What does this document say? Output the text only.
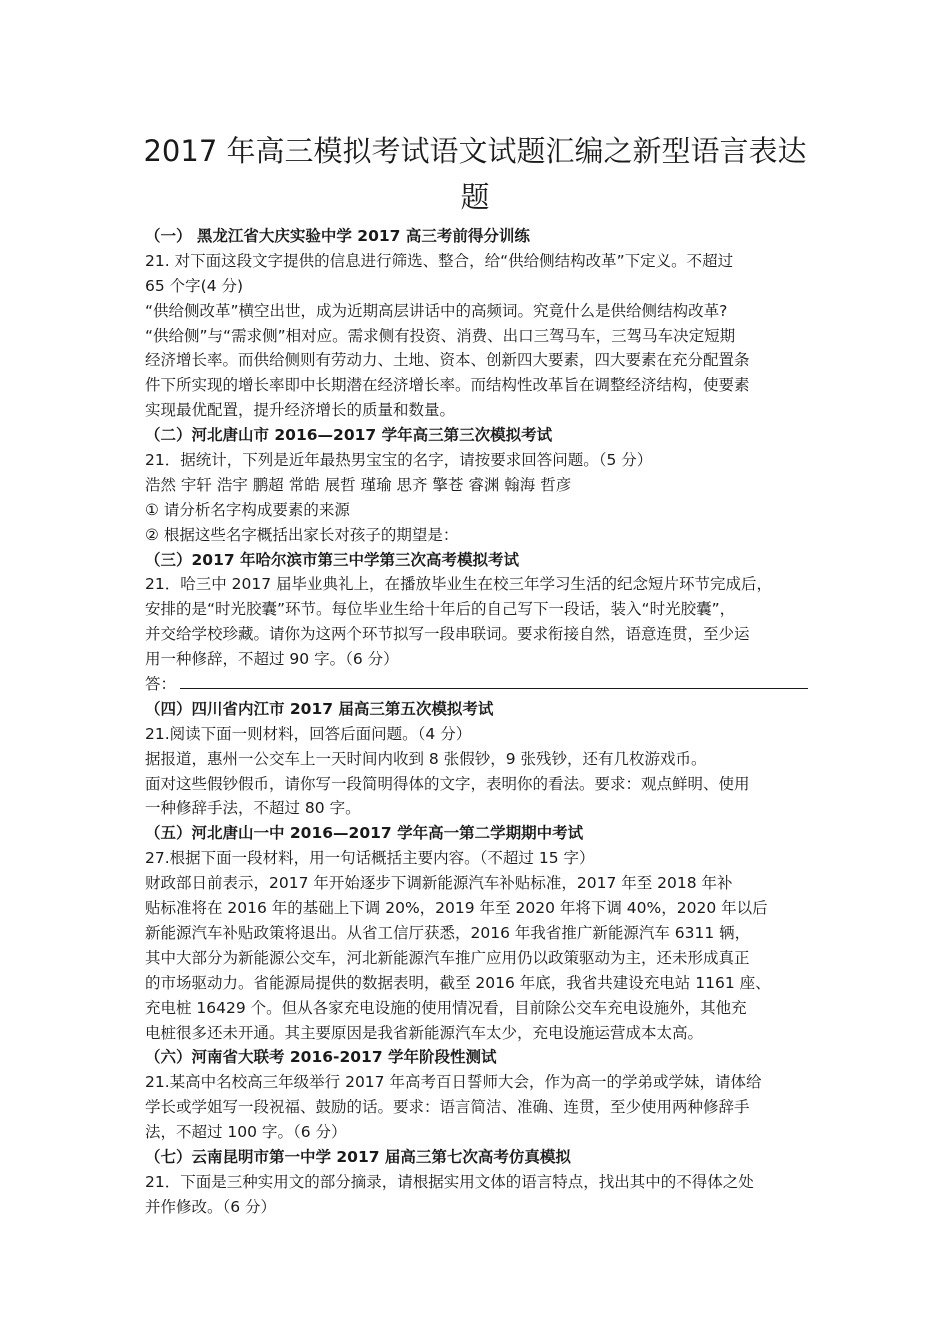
2017 年高三模拟考试语文试题汇编之新型语言表达
题
（一） 黑龙江省大庆实验中学 2017 高三考前得分训练
21. 对下面这段文字提供的信息进行筛选、整合，给“供给侧结构改革”下定义。不超过
65 个字(4 分)
“供给侧改革”横空出世，成为近期高层讲话中的高频词。究竟什么是供给侧结构改革?
“供给侧”与“需求侧”相对应。需求侧有投资、消费、出口三驾马车，三驾马车决定短期
经济增长率。而供给侧则有劳动力、土地、资本、创新四大要素，四大要素在充分配置条
件下所实现的增长率即中长期潜在经济增长率。而结构性改革旨在调整经济结构，使要素
实现最优配置，提升经济增长的质量和数量。
（二）河北唐山市 2016—2017 学年高三第三次模拟考试
21．据统计，下列是近年最热男宝宝的名字，请按要求回答问题。（5 分）
浩然 宇轩 浩宇 鹏超 常皓 展哲 瑾瑜 思齐 擎苍 睿渊 翰海 哲彦
① 请分析名字构成要素的来源
② 根据这些名字概括出家长对孩子的期望是：
（三）2017 年哈尔滨市第三中学第三次高考模拟考试
21．哈三中 2017 届毕业典礼上，在播放毕业生在校三年学习生活的纪念短片环节完成后，
安排的是“时光胶囊”环节。每位毕业生给十年后的自己写下一段话，装入“时光胶囊”，
并交给学校珍藏。请你为这两个环节拟写一段串联词。要求衔接自然，语意连贯，至少运
用一种修辞，不超过 90 字。（6 分）
答：
（四）四川省内江市 2017 届高三第五次模拟考试
21.阅读下面一则材料，回答后面问题。（4 分）
据报道，惠州一公交车上一天时间内收到 8 张假钞，9 张残钞，还有几枚游戏币。
面对这些假钞假币，请你写一段简明得体的文字，表明你的看法。要求：观点鲜明、使用
一种修辞手法，不超过 80 字。
（五）河北唐山一中 2016—2017 学年高一第二学期期中考试
27.根据下面一段材料，用一句话概括主要内容。（不超过 15 字）
财政部日前表示，2017 年开始逐步下调新能源汽车补贴标准，2017 年至 2018 年补
贴标准将在 2016 年的基础上下调 20%，2019 年至 2020 年将下调 40%，2020 年以后
新能源汽车补贴政策将退出。从省工信厅获悉，2016 年我省推广新能源汽车 6311 辆，
其中大部分为新能源公交车，河北新能源汽车推广应用仍以政策驱动为主，还未形成真正
的市场驱动力。省能源局提供的数据表明，截至 2016 年底，我省共建设充电站 1161 座、
充电桩 16429 个。但从各家充电设施的使用情况看，目前除公交车充电设施外，其他充
电桩很多还未开通。其主要原因是我省新能源汽车太少，充电设施运营成本太高。
（六）河南省大联考 2016-2017 学年阶段性测试
21.某高中名校高三年级举行 2017 年高考百日誓师大会，作为高一的学弟或学妹，请体给
学长或学姐写一段祝福、鼓励的话。要求：语言简洁、准确、连贯，至少使用两种修辞手
法，不超过 100 字。（6 分）
（七）云南昆明市第一中学 2017 届高三第七次高考仿真模拟
21．下面是三种实用文的部分摘录，请根据实用文体的语言特点，找出其中的不得体之处
并作修改。（6 分）
